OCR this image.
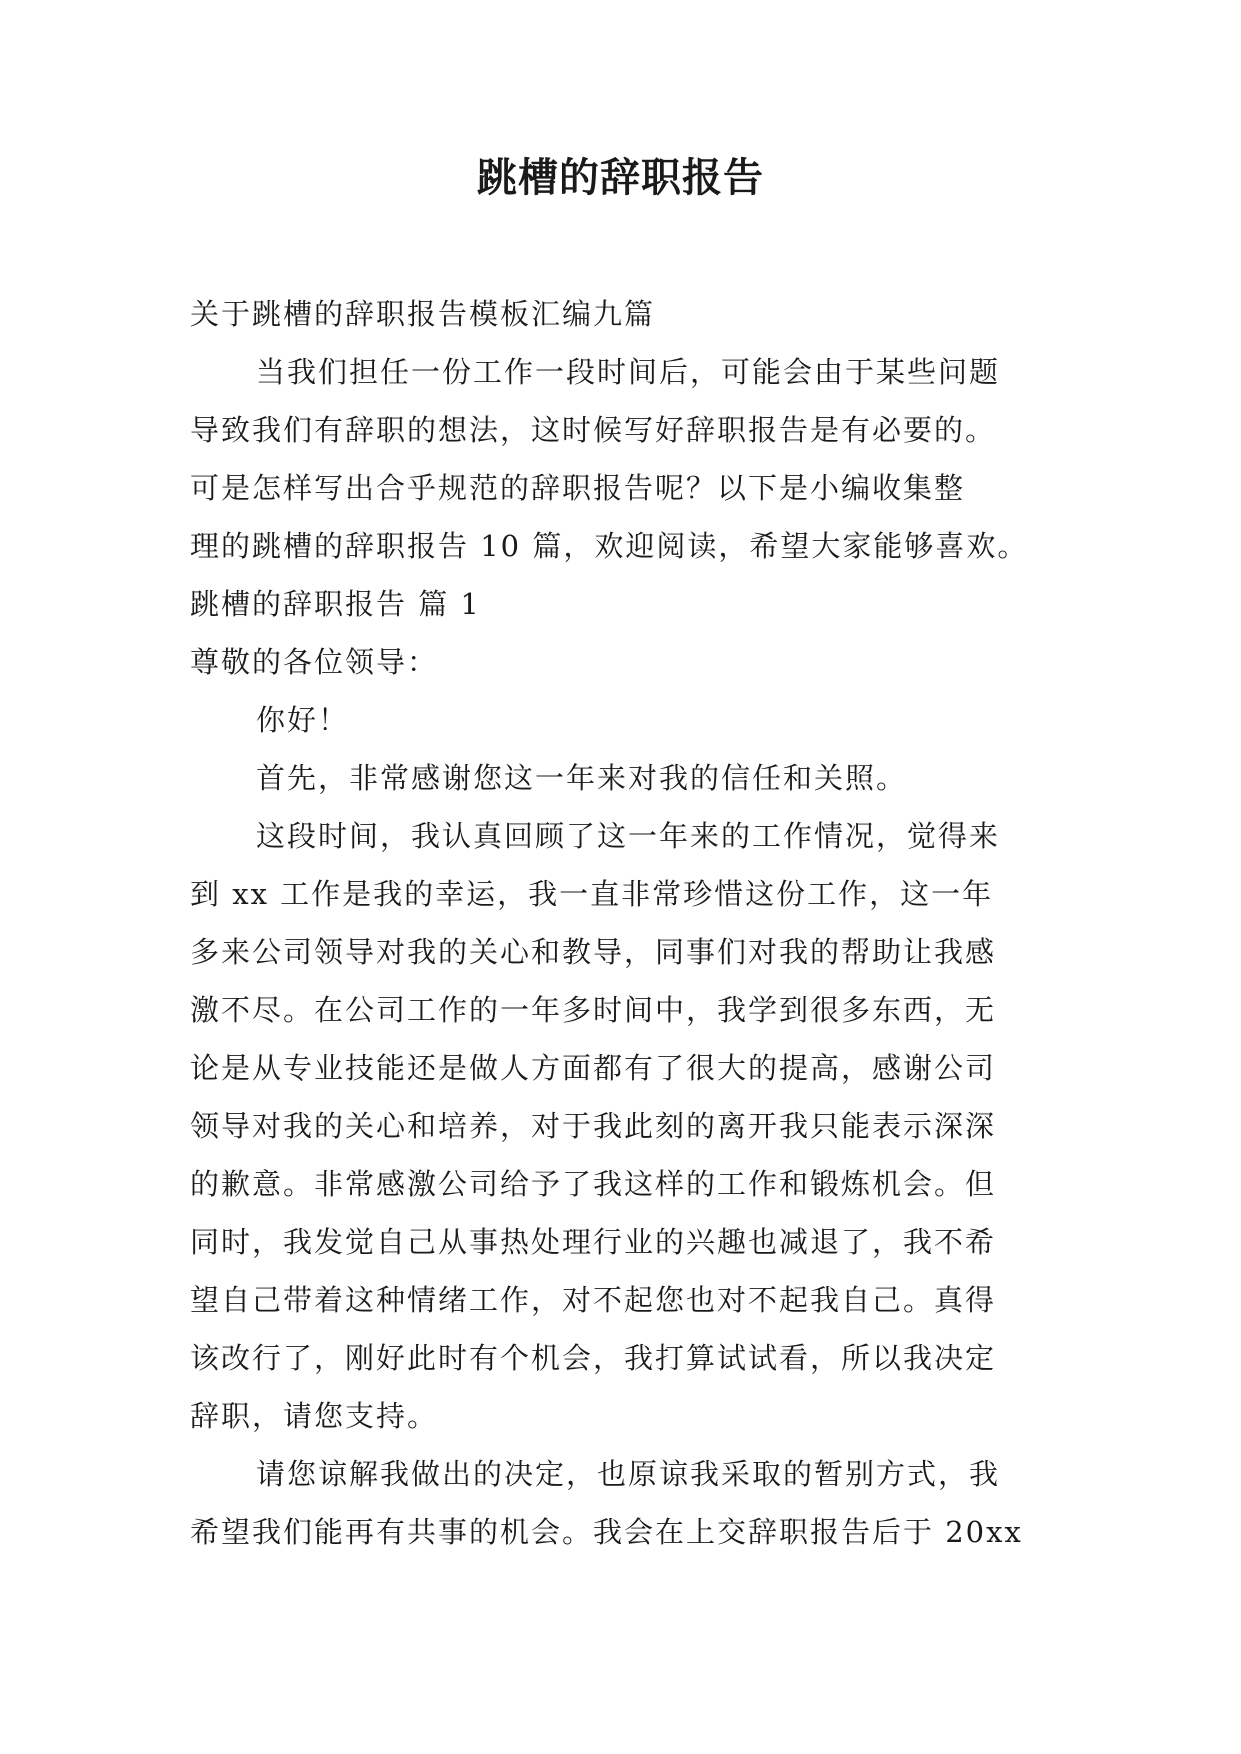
跳槽的辞职报告

关于跳槽的辞职报告模板汇编九篇

当我们担任一份工作一段时间后，可能会由于某些问题

导致我们有辞职的想法，这时候写好辞职报告是有必要的。

可是怎样写出合乎规范的辞职报告呢？以下是小编收集整

理的跳槽的辞职报告 10 篇，欢迎阅读，希望大家能够喜欢。

跳槽的辞职报告 篇 1

尊敬的各位领导：

你好！

首先，非常感谢您这一年来对我的信任和关照。

这段时间，我认真回顾了这一年来的工作情况，觉得来

到 xx 工作是我的幸运，我一直非常珍惜这份工作，这一年

多来公司领导对我的关心和教导，同事们对我的帮助让我感

激不尽。在公司工作的一年多时间中，我学到很多东西，无

论是从专业技能还是做人方面都有了很大的提高，感谢公司

领导对我的关心和培养，对于我此刻的离开我只能表示深深

的歉意。非常感激公司给予了我这样的工作和锻炼机会。但

同时，我发觉自己从事热处理行业的兴趣也减退了，我不希

望自己带着这种情绪工作，对不起您也对不起我自己。真得

该改行了，刚好此时有个机会，我打算试试看，所以我决定

辞职，请您支持。

请您谅解我做出的决定，也原谅我采取的暂别方式，我

希望我们能再有共事的机会。我会在上交辞职报告后于 20xx
